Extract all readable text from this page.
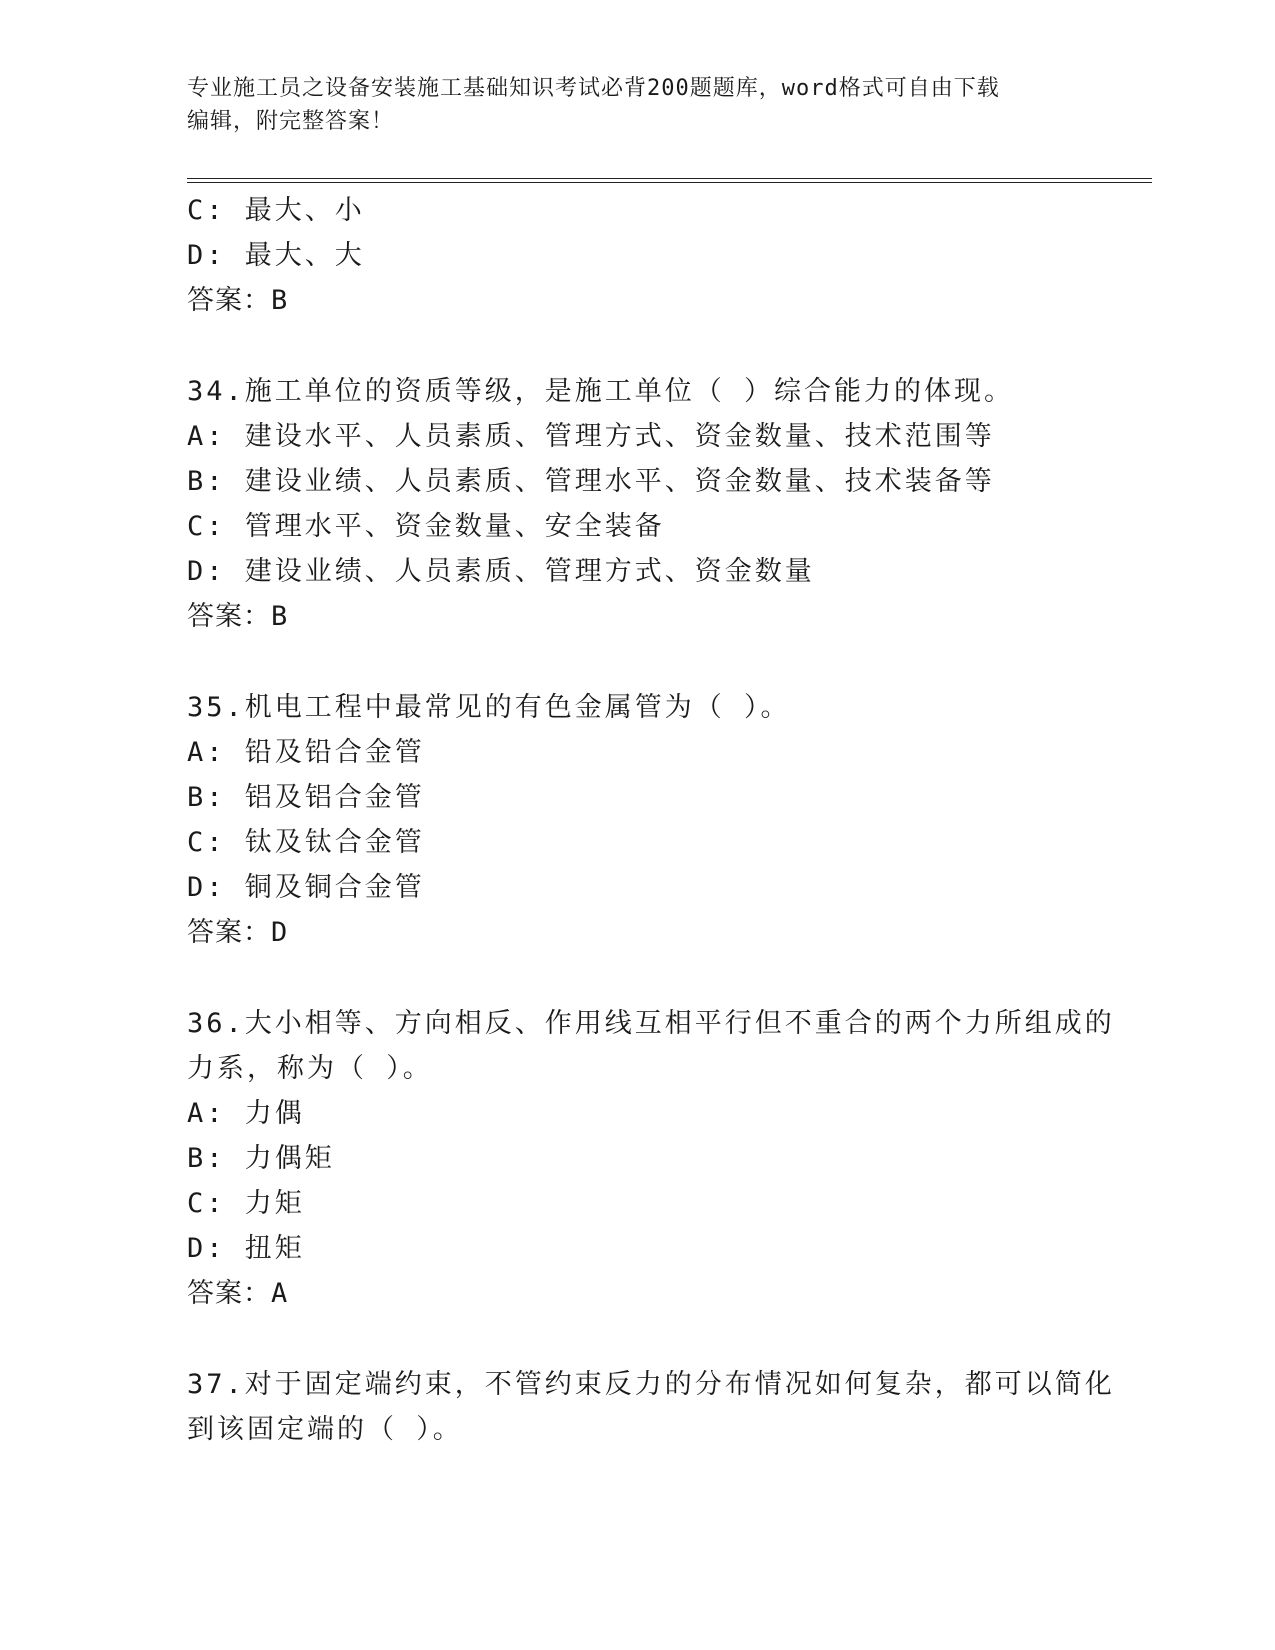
专业施工员之设备安装施工基础知识考试必背200题题库，word格式可自由下载
编辑，附完整答案！
C: 最大、小
D: 最大、大
答案：B
34.施工单位的资质等级，是施工单位（ ）综合能力的体现。
A: 建设水平、人员素质、管理方式、资金数量、技术范围等
B: 建设业绩、人员素质、管理水平、资金数量、技术装备等
C: 管理水平、资金数量、安全装备
D: 建设业绩、人员素质、管理方式、资金数量
答案：B
35.机电工程中最常见的有色金属管为（ ）。
A: 铅及铅合金管
B: 铝及铝合金管
C: 钛及钛合金管
D: 铜及铜合金管
答案：D
36.大小相等、方向相反、作用线互相平行但不重合的两个力所组成的
力系，称为（ ）。
A: 力偶
B: 力偶矩
C: 力矩
D: 扭矩
答案：A
37.对于固定端约束，不管约束反力的分布情况如何复杂，都可以简化
到该固定端的（ ）。
